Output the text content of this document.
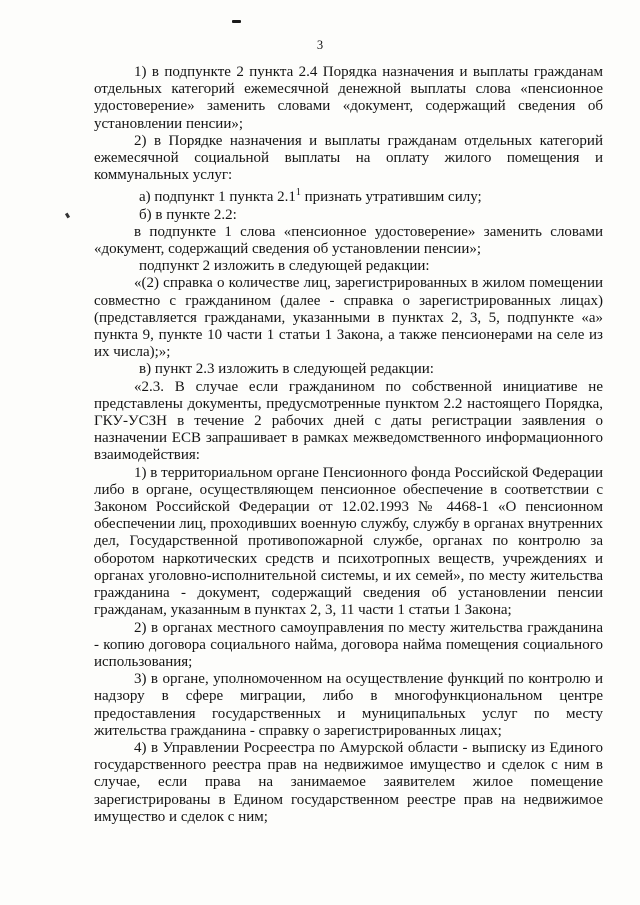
3

1) в подпункте 2 пункта 2.4 Порядка назначения и выплаты гражданам отдельных категорий ежемесячной денежной выплаты слова «пенсионное удостоверение» заменить словами «документ, содержащий сведения об установлении пенсии»;

2) в Порядке назначения и выплаты гражданам отдельных категорий ежемесячной социальной выплаты на оплату жилого помещения и коммунальных услуг:

а) подпункт 1 пункта $2.1^1$ признать утратившим силу;

б) в пункте 2.2:

в подпункте 1 слова «пенсионное удостоверение» заменить словами «документ, содержащий сведения об установлении пенсии»;

подпункт 2 изложить в следующей редакции:

«(2) справка о количестве лиц, зарегистрированных в жилом помещении совместно с гражданином (далее - справка о зарегистрированных лицах) (представляется гражданами, указанными в пунктах 2, 3, 5, подпункте «а» пункта 9, пункте 10 части 1 статьи 1 Закона, а также пенсионерами на селе из их числа);»;

в) пункт 2.3 изложить в следующей редакции:

«2.3. В случае если гражданином по собственной инициативе не представлены документы, предусмотренные пунктом 2.2 настоящего Порядка, ГКУ-УСЗН в течение 2 рабочих дней с даты регистрации заявления о назначении ЕСВ запрашивает в рамках межведомственного информационного взаимодействия:

1) в территориальном органе Пенсионного фонда Российской Федерации либо в органе, осуществляющем пенсионное обеспечение в соответствии с Законом Российской Федерации от 12.02.1993 № 4468-1 «О пенсионном обеспечении лиц, проходивших военную службу, службу в органах внутренних дел, Государственной противопожарной службе, органах по контролю за оборотом наркотических средств и психотропных веществ, учреждениях и органах уголовно-исполнительной системы, и их семей», по месту жительства гражданина - документ, содержащий сведения об установлении пенсии гражданам, указанным в пунктах 2, 3, 11 части 1 статьи 1 Закона;

2) в органах местного самоуправления по месту жительства гражданина - копию договора социального найма, договора найма помещения социального использования;

3) в органе, уполномоченном на осуществление функций по контролю и надзору в сфере миграции, либо в многофункциональном центре предоставления государственных и муниципальных услуг по месту жительства гражданина - справку о зарегистрированных лицах;

4) в Управлении Росреестра по Амурской области - выписку из Единого государственного реестра прав на недвижимое имущество и сделок с ним в случае, если права на занимаемое заявителем жилое помещение зарегистрированы в Едином государственном реестре прав на недвижимое имущество и сделок с ним;
